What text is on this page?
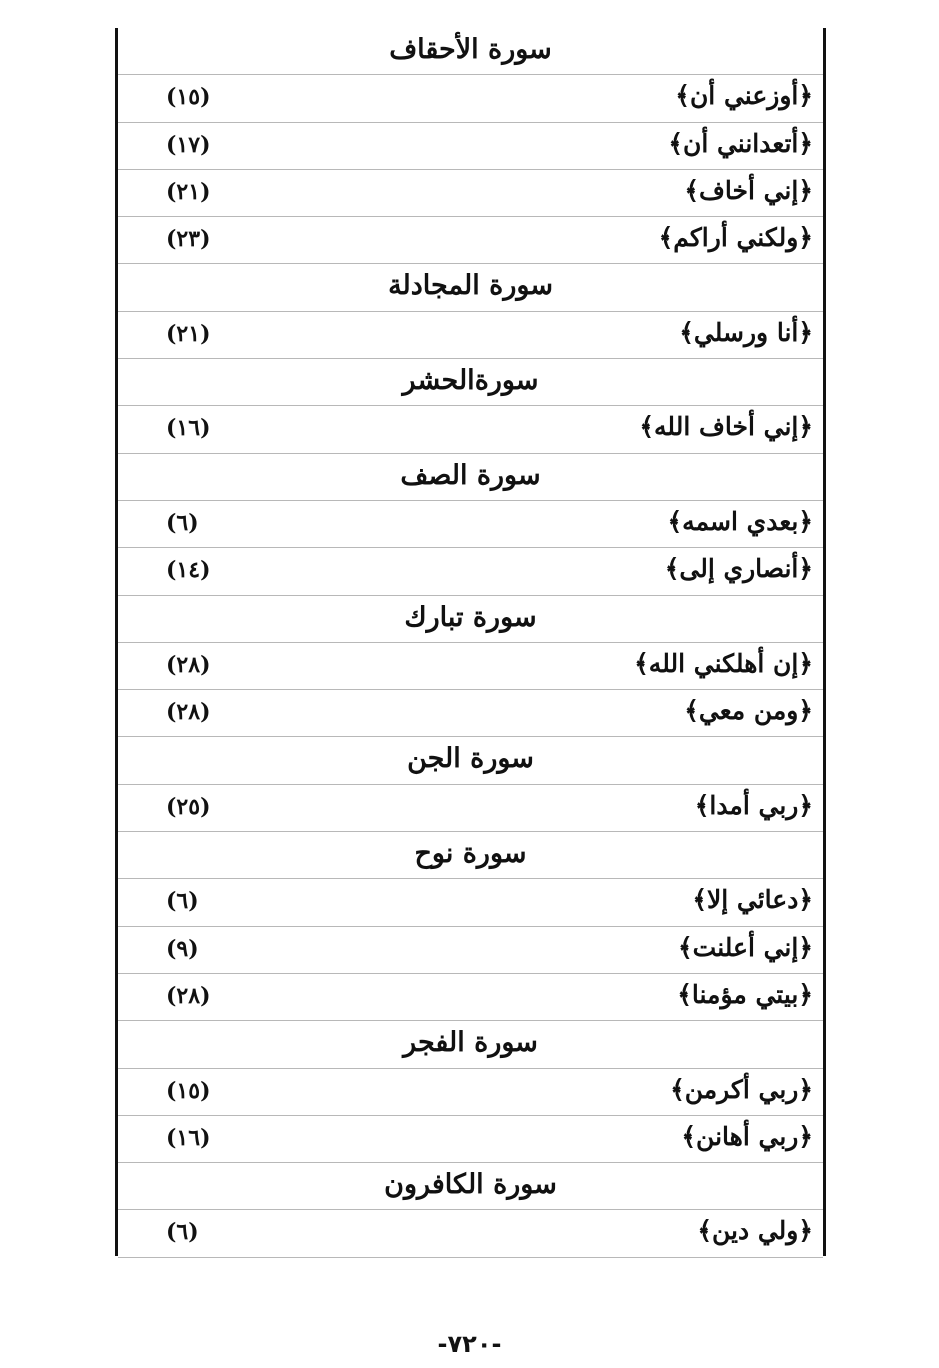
سورة الأحقاف
﴿أوزعني أن﴾
(١٥)
﴿أتعدانني أن﴾
(١٧)
﴿إني أخاف﴾
(٢١)
﴿ولكني أراكم﴾
(٢٣)
سورة المجادلة
﴿أنا ورسلي﴾
(٢١)
سورةالحشر
﴿إني أخاف الله﴾
(١٦)
سورة الصف
﴿بعدي اسمه﴾
(٦)
﴿أنصاري إلى﴾
(١٤)
سورة تبارك
﴿إن أهلكني الله﴾
(٢٨)
﴿ومن معي﴾
(٢٨)
سورة الجن
﴿ربي أمدا﴾
(٢٥)
سورة نوح
﴿دعائي إلا﴾
(٦)
﴿إني أعلنت﴾
(٩)
﴿بيتي مؤمنا﴾
(٢٨)
سورة الفجر
﴿ربي أكرمن﴾
(١٥)
﴿ربي أهانن﴾
(١٦)
سورة الكافرون
﴿ولي دين﴾
(٦)
-٧٢٠-
